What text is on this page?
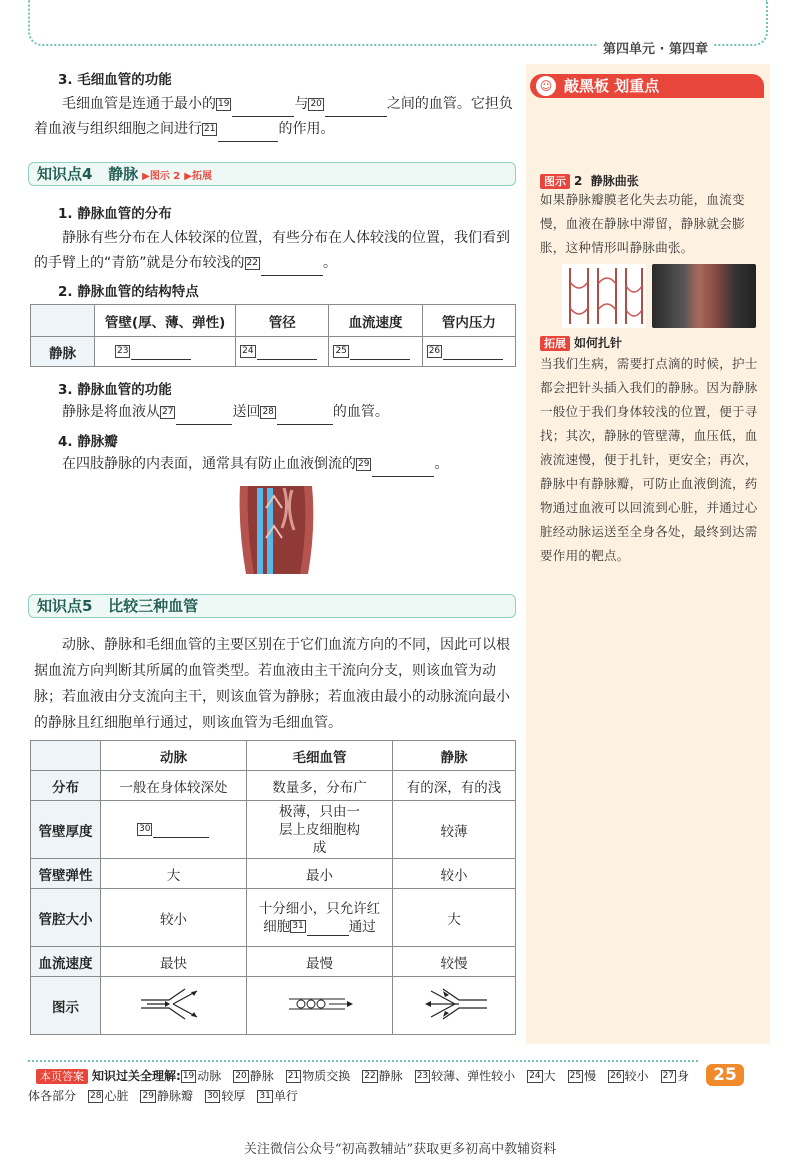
第四单元 · 第四章
☺ 敲黑板 划重点
图示 2 静脉曲张
如果静脉瓣膜老化失去功能，血流变慢，血液在静脉中滞留，静脉就会膨胀，这种情形叫静脉曲张。
拓展 如何扎针
当我们生病，需要打点滴的时候，护士都会把针头插入我们的静脉。因为静脉一般位于我们身体较浅的位置，便于寻找；其次，静脉的管壁薄，血压低，血液流速慢，便于扎针，更安全；再次，静脉中有静脉瓣，可防止血液倒流，药物通过血液可以回流到心脏，并通过心脏经动脉运送至全身各处，最终到达需要作用的靶点。
3. 毛细血管的功能
毛细血管是连通于最小的 19	与 20	之间的血管。它担负着血液与组织细胞之间进行 21	的作用。
知识点4 静脉 ▶图示 2 ▶拓展
1. 静脉血管的分布
静脉有些分布在人体较深的位置，有些分布在人体较浅的位置，我们看到的手臂上的“青筋”就是分布较浅的 22	。
2. 静脉血管的结构特点
	管壁(厚、薄、弹性)	管径	血流速度	管内压力
静脉	23	24	25	26
3. 静脉血管的功能
静脉是将血液从 27	送回 28	的血管。
4. 静脉瓣
在四肢静脉的内表面，通常具有防止血液倒流的 29	。
知识点5 比较三种血管
动脉、静脉和毛细血管的主要区别在于它们血流方向的不同，因此可以根据血流方向判断其所属的血管类型。若血液由主干流向分支，则该血管为动脉；若血液由分支流向主干，则该血管为静脉；若血液由最小的动脉流向最小的静脉且红细胞单行通过，则该血管为毛细血管。
	动脉	毛细血管	静脉
分布	一般在身体较深处	数量多，分布广	有的深，有的浅
管壁厚度	30	极薄，只由一层上皮细胞构成	较薄
管壁弹性	大	最小	较小
管腔大小	较小	十分细小，只允许红细胞 31 通过	大
血流速度	最快	最慢	较慢
图示			
本页答案 知识过关全理解: 19 动脉 20 静脉 21 物质交换 22 静脉 23 较薄、弹性较小 24 大 25 慢 26 较小 27 身体各部分 28 心脏 29 静脉瓣 30 较厚 31 单行
25
关注微信公众号“初高教辅站”获取更多初高中教辅资料
